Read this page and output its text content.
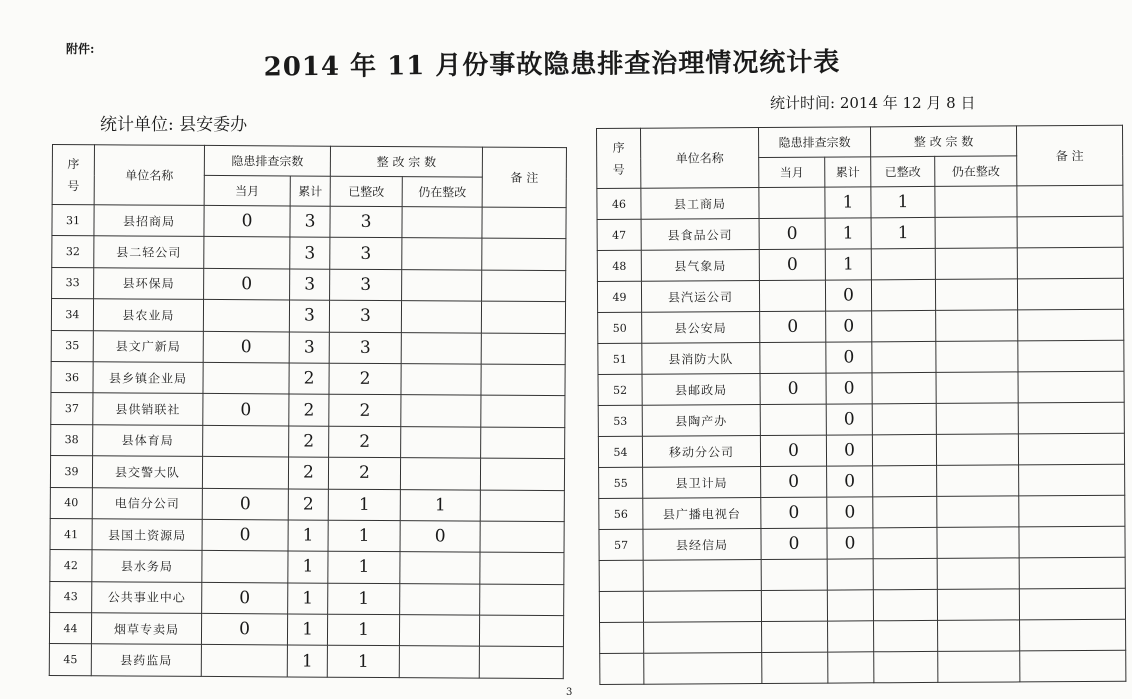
附件:	2014 年 11 月份事故隐患排查治理情况统计表
统计时间: 2014 年 12 月 8 日
统计单位: 县安委办
序
号	单位名称	隐患排查宗数		整 改 宗 数		备 注
		当月	累计	已整改	仍在整改	
31	县招商局	0	3	3		
32	县二轻公司		3	3		
33	县环保局	0	3	3		
34	县农业局		3	3		
35	县文广新局	0	3	3		
36	县乡镇企业局		2	2		
37	县供销联社	0	2	2		
38	县体育局		2	2		
39	县交警大队		2	2		
40	电信分公司	0	2	1	1	
41	县国土资源局	0	1	1	0	
42	县水务局		1	1		
43	公共事业中心	0	1	1		
44	烟草专卖局	0	1	1		
45	县药监局		1	1		
序
号	单位名称	隐患排查宗数		整 改 宗 数		备 注
		当月	累计	已整改	仍在整改	
46	县工商局		1	1		
47	县食品公司	0	1	1		
48	县气象局	0	1			
49	县汽运公司		0			
50	县公安局	0	0			
51	县消防大队		0			
52	县邮政局	0	0			
53	县陶产办		0			
54	移动分公司	0	0			
55	县卫计局	0	0			
56	县广播电视台	0	0			
57	县经信局	0	0			

3
